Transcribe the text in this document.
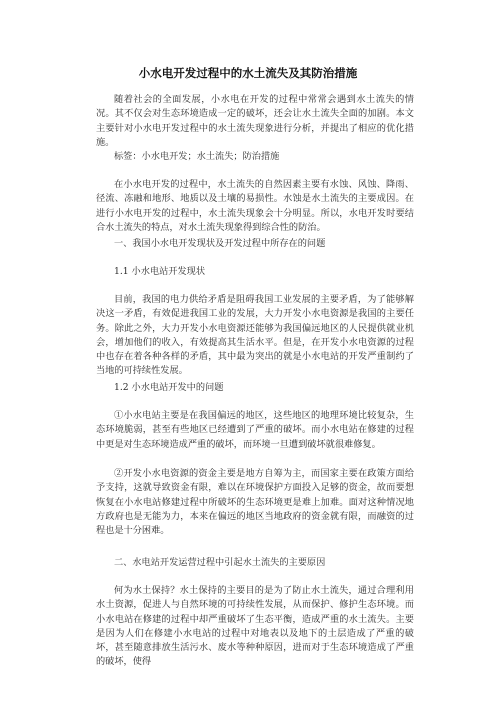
小水电开发过程中的水土流失及其防治措施

随着社会的全面发展，小水电在开发的过程中常常会遇到水土流失的情况。其不仅会对生态环境造成一定的破坏，还会让水土流失全面的加剧。本文主要针对小水电开发过程中的水土流失现象进行分析，并提出了相应的优化措施。

标签：小水电开发；水土流失；防治措施

在小水电开发的过程中，水土流失的自然因素主要有水蚀、风蚀、降雨、径流、冻融和地形、地质以及土壤的易损性。水蚀是水土流失的主要成因。在进行小水电开发的过程中，水土流失现象会十分明显。所以，水电开发时要结合水土流失的特点，对水土流失现象得到综合性的防治。

一、我国小水电开发现状及开发过程中所存在的问题

1.1 小水电站开发现状

目前，我国的电力供给矛盾是阻碍我国工业发展的主要矛盾，为了能够解决这一矛盾，有效促进我国工业的发展，大力开发小水电资源是我国的主要任务。除此之外，大力开发小水电资源还能够为我国偏远地区的人民提供就业机会，增加他们的收入，有效提高其生活水平。但是，在开发小水电资源的过程中也存在着各种各样的矛盾，其中最为突出的就是小水电站的开发严重制约了当地的可持续性发展。

1.2 小水电站开发中的问题

①小水电站主要是在我国偏远的地区，这些地区的地理环境比较复杂，生态环境脆弱，甚至有些地区已经遭到了严重的破坏。而小水电站在修建的过程中更是对生态环境造成严重的破坏，而环境一旦遭到破坏就很难修复。

②开发小水电资源的资金主要是地方自筹为主，而国家主要在政策方面给予支持，这就导致资金有限，难以在环境保护方面投入足够的资金，故而要想恢复在小水电站修建过程中所破坏的生态环境更是难上加难。面对这种情况地方政府也是无能为力，本来在偏远的地区当地政府的资金就有限，而融资的过程也是十分困难。

二、水电站开发运营过程中引起水土流失的主要原因

何为水土保持？水土保持的主要目的是为了防止水土流失，通过合理利用水土资源，促进人与自然环境的可持续性发展，从而保护、修护生态环境。而小水电站在修建的过程中却严重破坏了生态平衡，造成严重的水土流失。主要是因为人们在修建小水电站的过程中对地表以及地下的土层造成了严重的破坏，甚至随意排放生活污水、废水等种种原因，进而对于生态环境造成了严重的破坏，使得
